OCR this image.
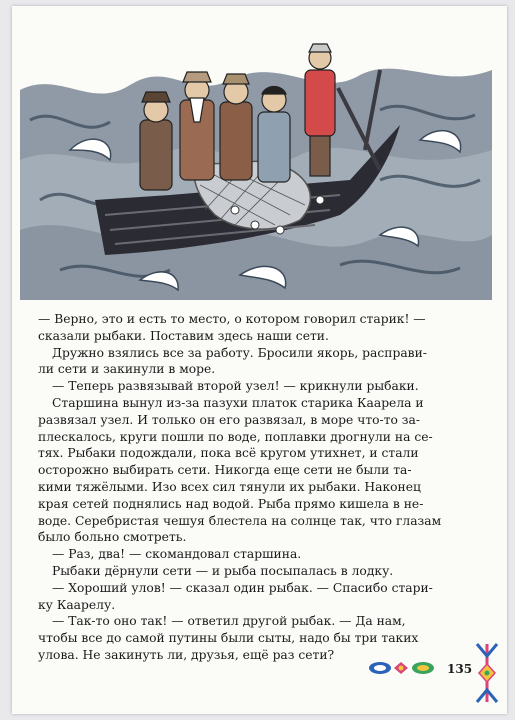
— Верно, это и есть то место, о котором говорил старик! —
сказали рыбаки. Поставим здесь наши сети.
Дружно взялись все за работу. Бросили якорь, расправи-
ли сети и закинули в море.
— Теперь развязывай второй узел! — крикнули рыбаки.
Старшина вынул из-за пазухи платок старика Каарела и
развязал узел. И только он его развязал, в море что-то за-
плескалось, круги пошли по воде, поплавки дрогнули на се-
тях. Рыбаки подождали, пока всё кругом утихнет, и стали
осторожно выбирать сети. Никогда еще сети не были та-
кими тяжёлыми. Изо всех сил тянули их рыбаки. Наконец
края сетей поднялись над водой. Рыба прямо кишела в не-
воде. Серебристая чешуя блестела на солнце так, что глазам
было больно смотреть.
— Раз, два! — скомандовал старшина.
Рыбаки дёрнули сети — и рыба посыпалась в лодку.
— Хороший улов! — сказал один рыбак. — Спасибо стари-
ку Каарелу.
— Так-то оно так! — ответил другой рыбак. — Да нам,
чтобы все до самой путины были сыты, надо бы три таких
улова. Не закинуть ли, друзья, ещё раз сети?
135
